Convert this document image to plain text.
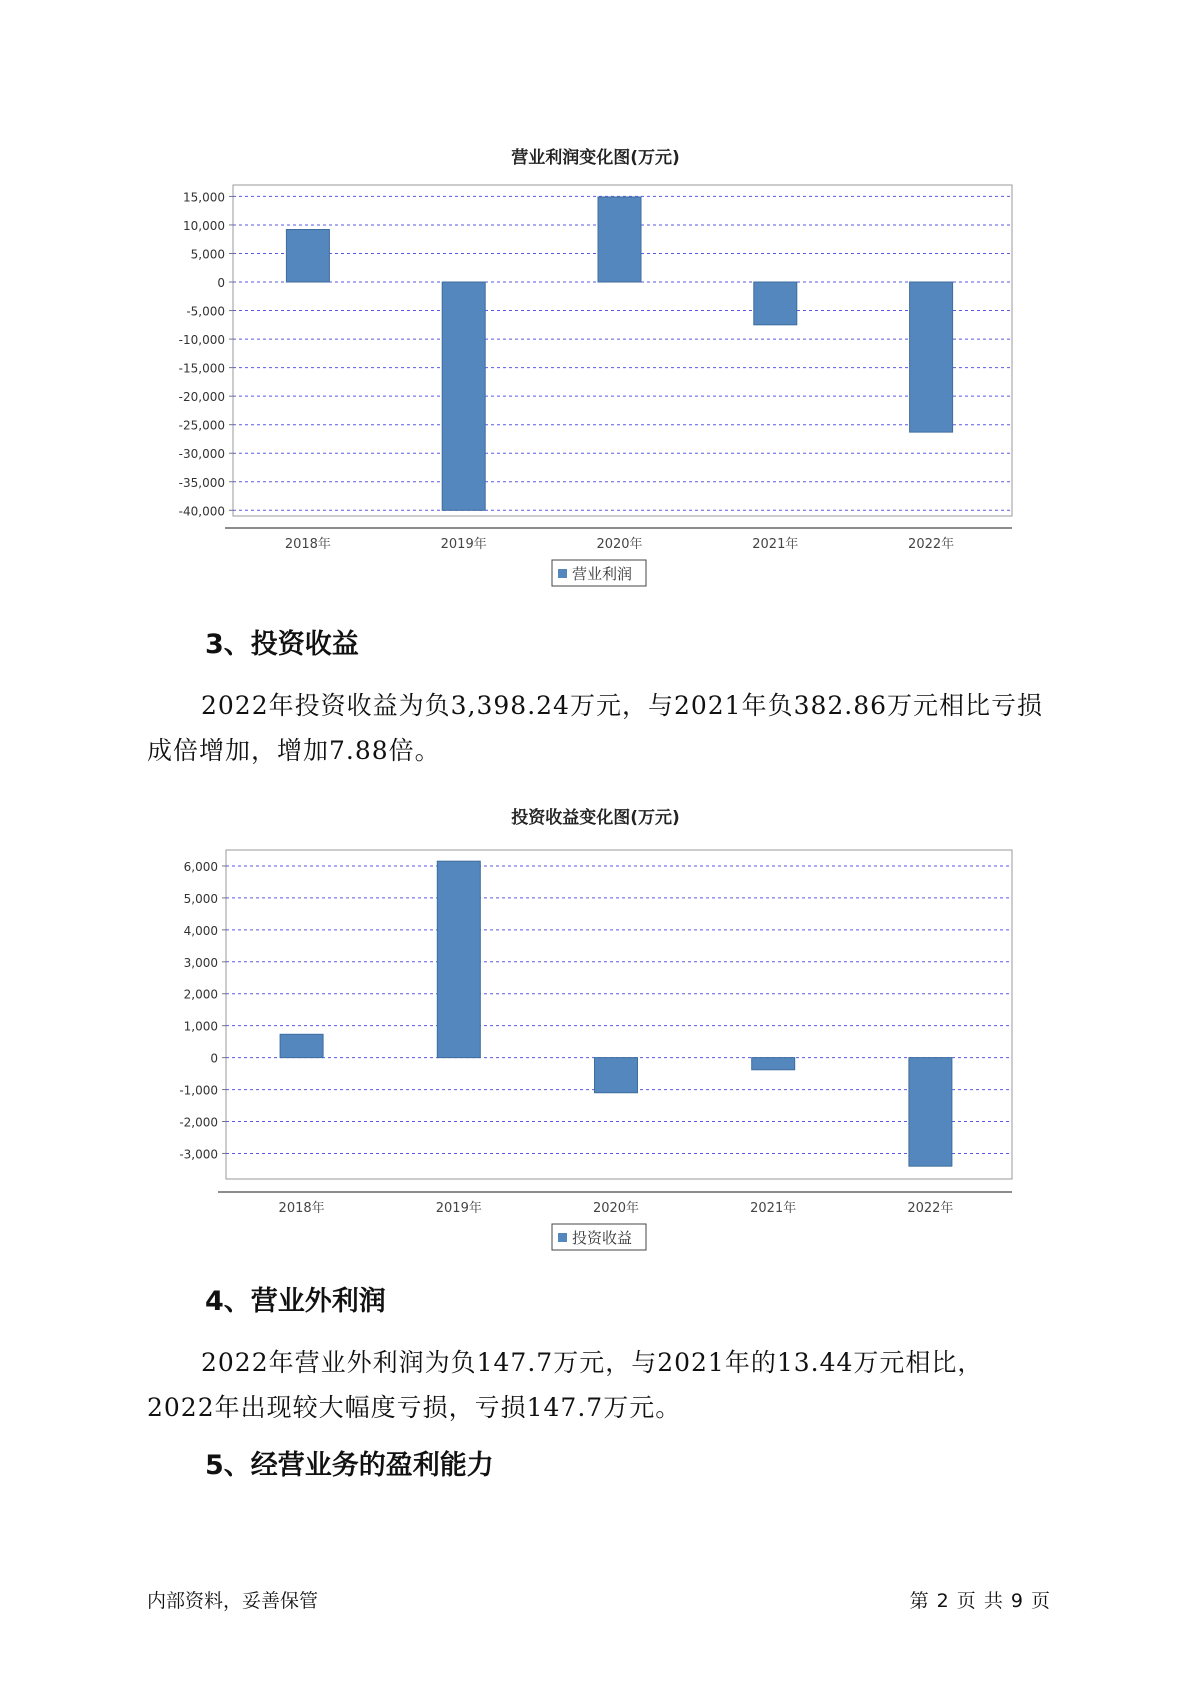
营业利润变化图(万元)
15,000
10,000
5,000
0
-5,000
-10,000
-15,000
-20,000
-25,000
-30,000
-35,000
-40,000
2018年	2019年	2020年	2021年	2022年
营业利润
3、投资收益

2022年投资收益为负3,398.24万元，与2021年负382.86万元相比亏损成倍增加，增加7.88倍。

投资收益变化图(万元)
6,000
5,000
4,000
3,000
2,000
1,000
0
-1,000
-2,000
-3,000
2018年	2019年	2020年	2021年	2022年
投资收益
4、营业外利润

2022年营业外利润为负147.7万元，与2021年的13.44万元相比，2022年出现较大幅度亏损，亏损147.7万元。

5、经营业务的盈利能力
内部资料，妥善保管	第 2 页 共 9 页
